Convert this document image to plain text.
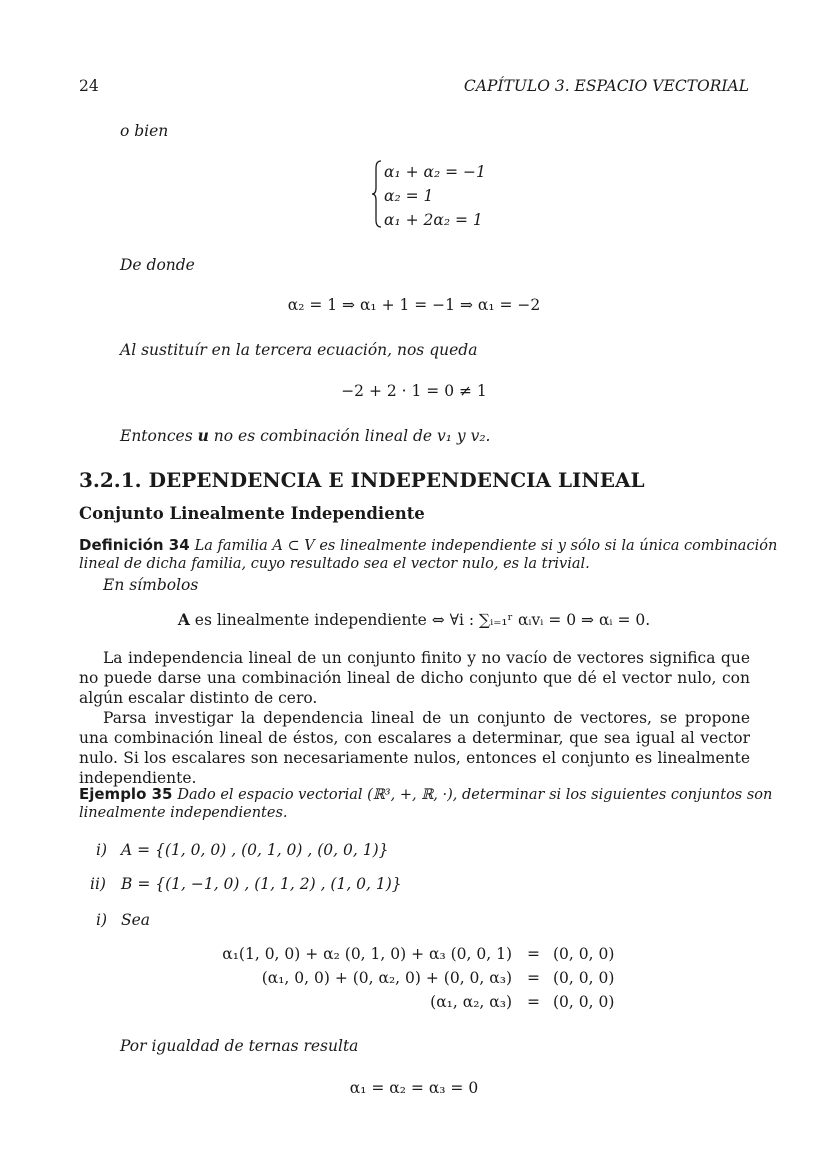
24	CAPÍTULO 3. ESPACIO VECTORIAL
o bien
α₁ + α₂ = −1
α₂ = 1
α₁ + 2α₂ = 1
De donde
α₂ = 1 ⇒ α₁ + 1 = −1 ⇒ α₁ = −2
Al sustituír en la tercera ecuación, nos queda
−2 + 2 · 1 = 0 ≠ 1
Entonces u no es combinación lineal de v₁ y v₂.
3.2.1. DEPENDENCIA E INDEPENDENCIA LINEAL
Conjunto Linealmente Independiente
Definición 34 La familia A ⊂ V es linealmente independiente si y sólo si la única combinación
lineal de dicha familia, cuyo resultado sea el vector nulo, es la trivial.
En símbolos
A es linealmente independiente ⇔ ∀i : ∑ᵢ₌₁ʳ αᵢvᵢ = 0 ⇒ αᵢ = 0.
La independencia lineal de un conjunto finito y no vacío de vectores significa que no puede darse una combinación lineal de dicho conjunto que dé el vector nulo, con algún escalar distinto de cero.
Parsa investigar la dependencia lineal de un conjunto de vectores, se propone una combinación lineal de éstos, con escalares a determinar, que sea igual al vector nulo. Si los escalares son necesariamente nulos, entonces el conjunto es linealmente independiente.
Ejemplo 35 Dado el espacio vectorial (ℝ³, +, ℝ, ·), determinar si los siguientes conjuntos son
linealmente independientes.
i) A = {(1, 0, 0) , (0, 1, 0) , (0, 0, 1)}
ii) B = {(1, −1, 0) , (1, 1, 2) , (1, 0, 1)}
i) Sea
α₁(1, 0, 0) + α₂ (0, 1, 0) + α₃ (0, 0, 1) = (0, 0, 0)
(α₁, 0, 0) + (0, α₂, 0) + (0, 0, α₃) = (0, 0, 0)
(α₁, α₂, α₃) = (0, 0, 0)
Por igualdad de ternas resulta
α₁ = α₂ = α₃ = 0
